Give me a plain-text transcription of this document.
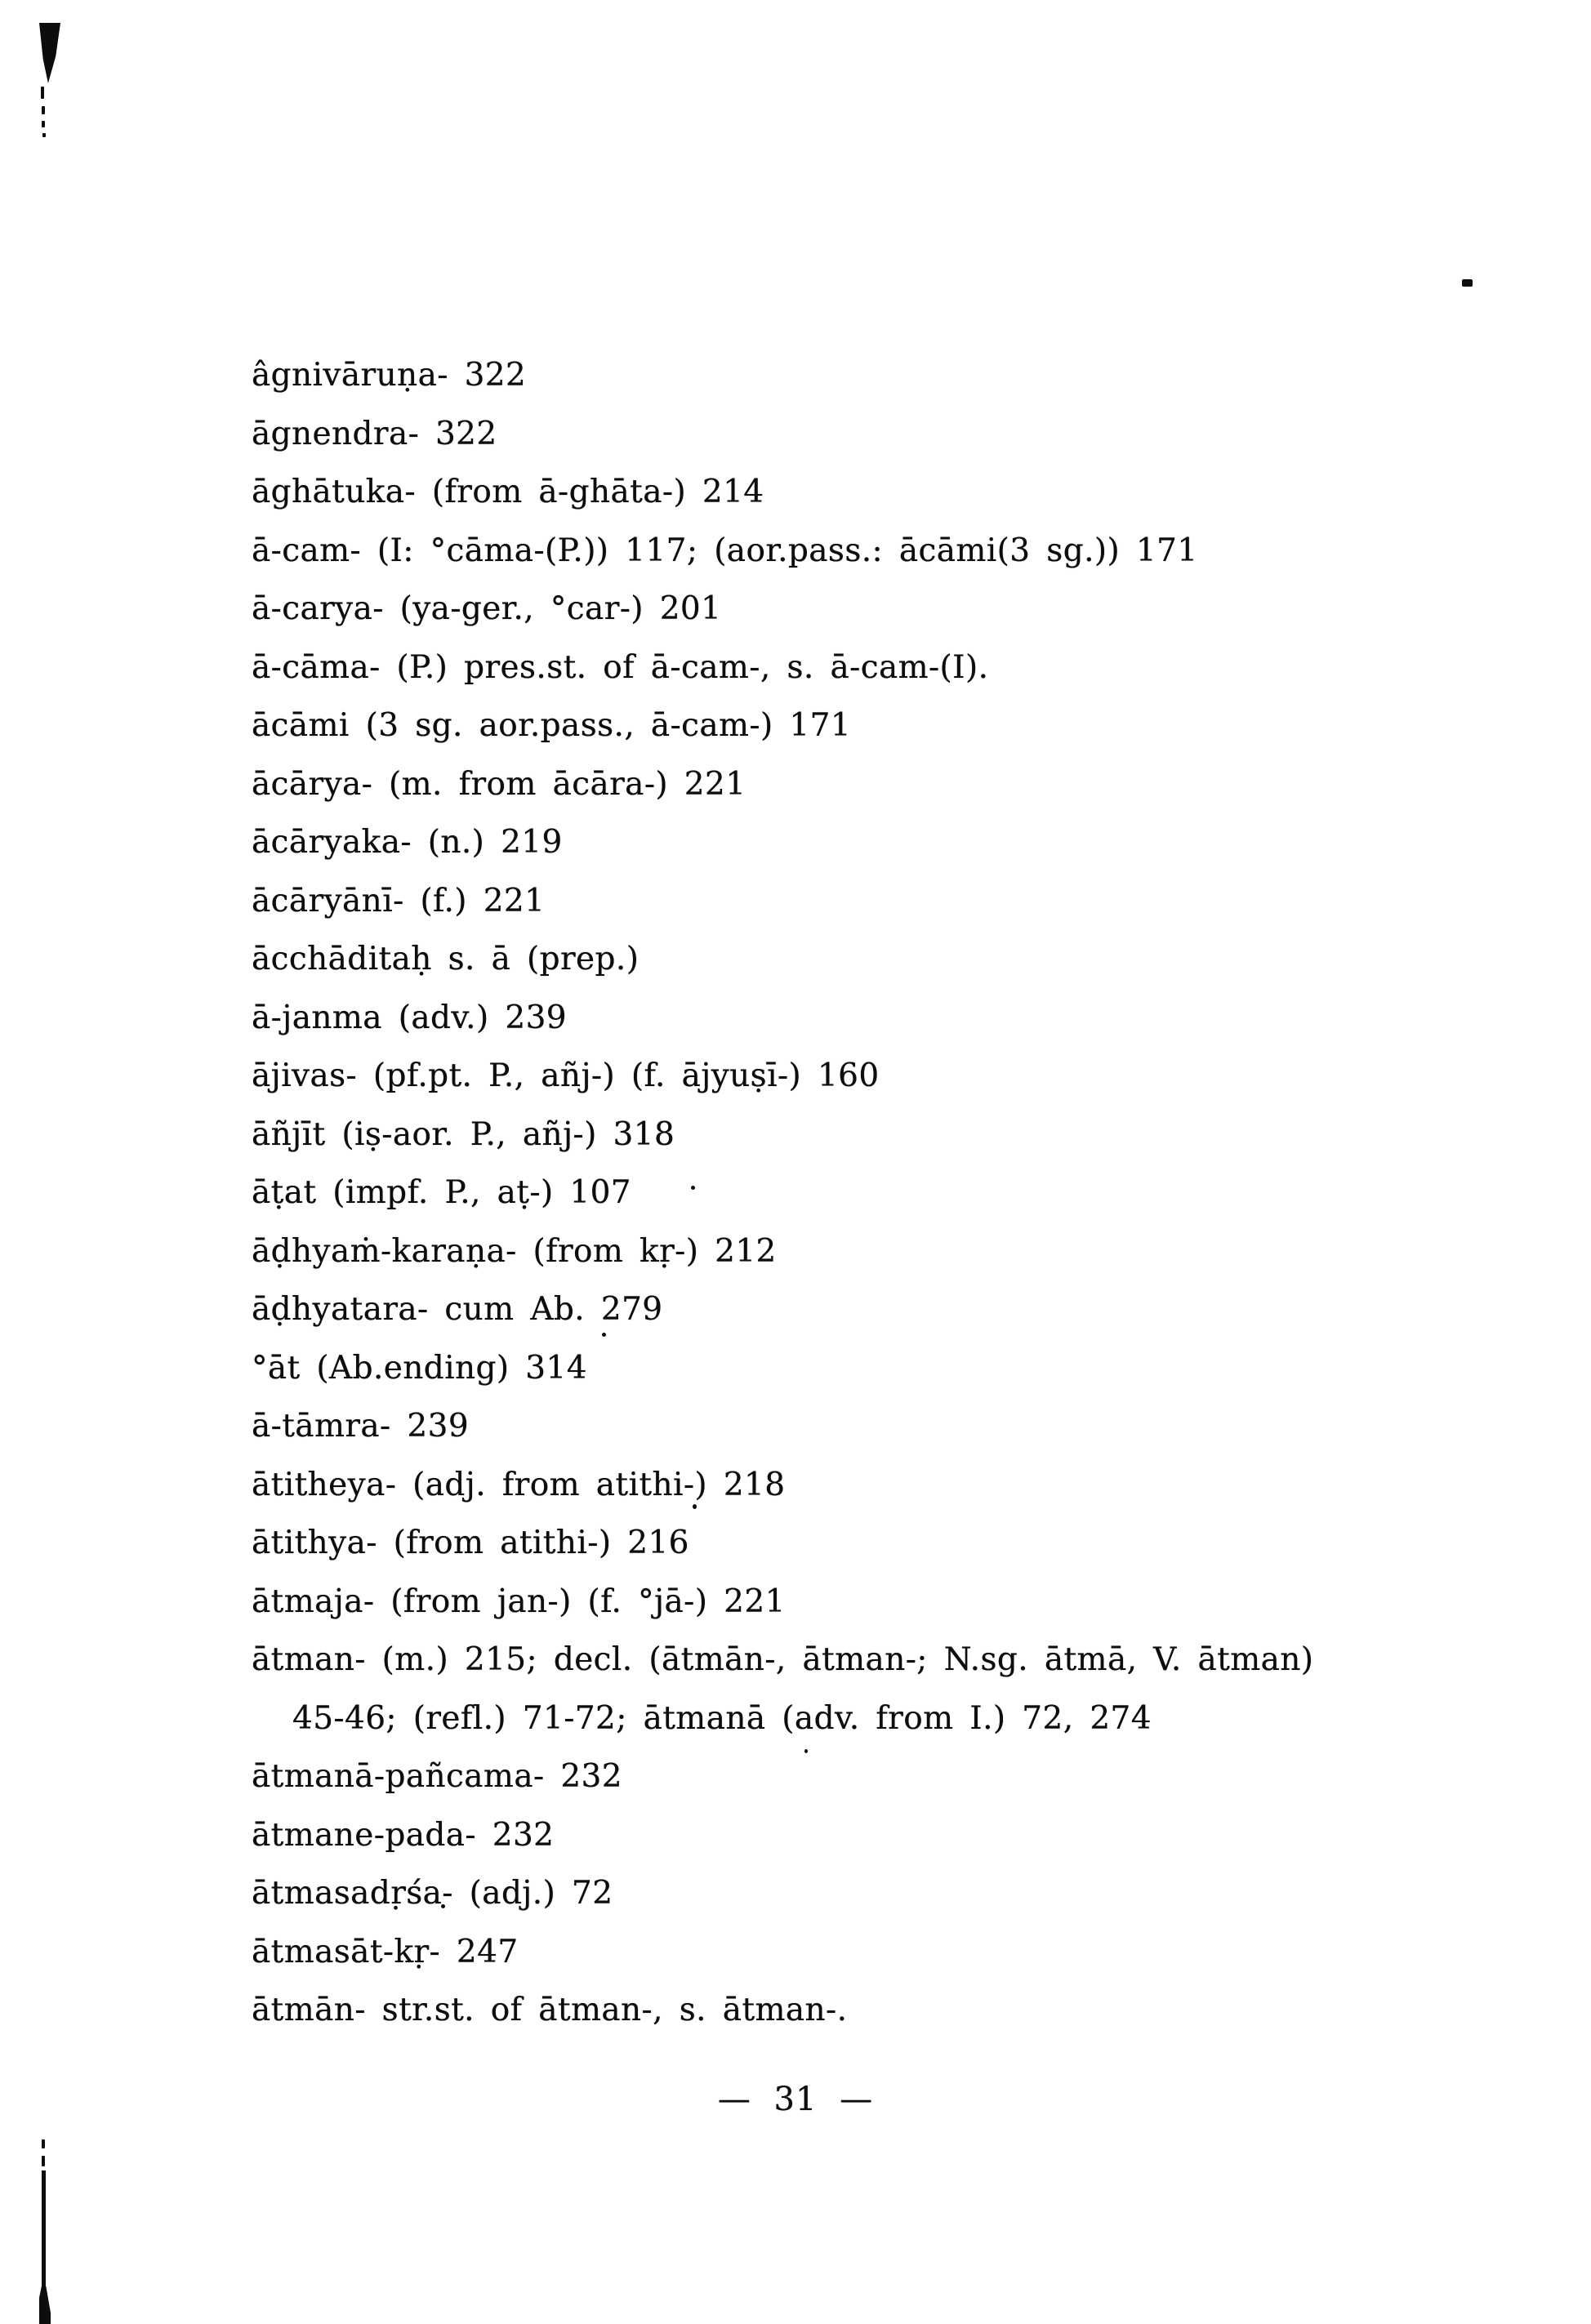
âgnivāruṇa- 322
āgnendra- 322
āghātuka- (from ā-ghāta-) 214
ā-cam- (I: °cāma-(P.)) 117; (aor.pass.: ācāmi(3 sg.)) 171
ā-carya- (ya-ger., °car-) 201
ā-cāma- (P.) pres.st. of ā-cam-, s. ā-cam-(I).
ācāmi (3 sg. aor.pass., ā-cam-) 171
ācārya- (m. from ācāra-) 221
ācāryaka- (n.) 219
ācāryānī- (f.) 221
ācchāditaḥ s. ā (prep.)
ā-janma (adv.) 239
ājivas- (pf.pt. P., añj-) (f. ājyuṣī-) 160
āñjīt (iṣ-aor. P., añj-) 318
āṭat (impf. P., aṭ-) 107
āḍhyaṁ-karaṇa- (from kṛ-) 212
āḍhyatara- cum Ab. 279
°āt (Ab.ending) 314
ā-tāmra- 239
ātitheya- (adj. from atithi-) 218
ātithya- (from atithi-) 216
ātmaja- (from jan-) (f. °jā-) 221
ātman- (m.) 215; decl. (ātmān-, ātman-; N.sg. ātmā, V. ātman)
45-46; (refl.) 71-72; ātmanā (adv. from I.) 72, 274
ātmanā-pañcama- 232
ātmane-pada- 232
ātmasadṛśa- (adj.) 72
ātmasāt-kṛ- 247
ātmān- str.st. of ātman-, s. ātman-.
— 31 —
